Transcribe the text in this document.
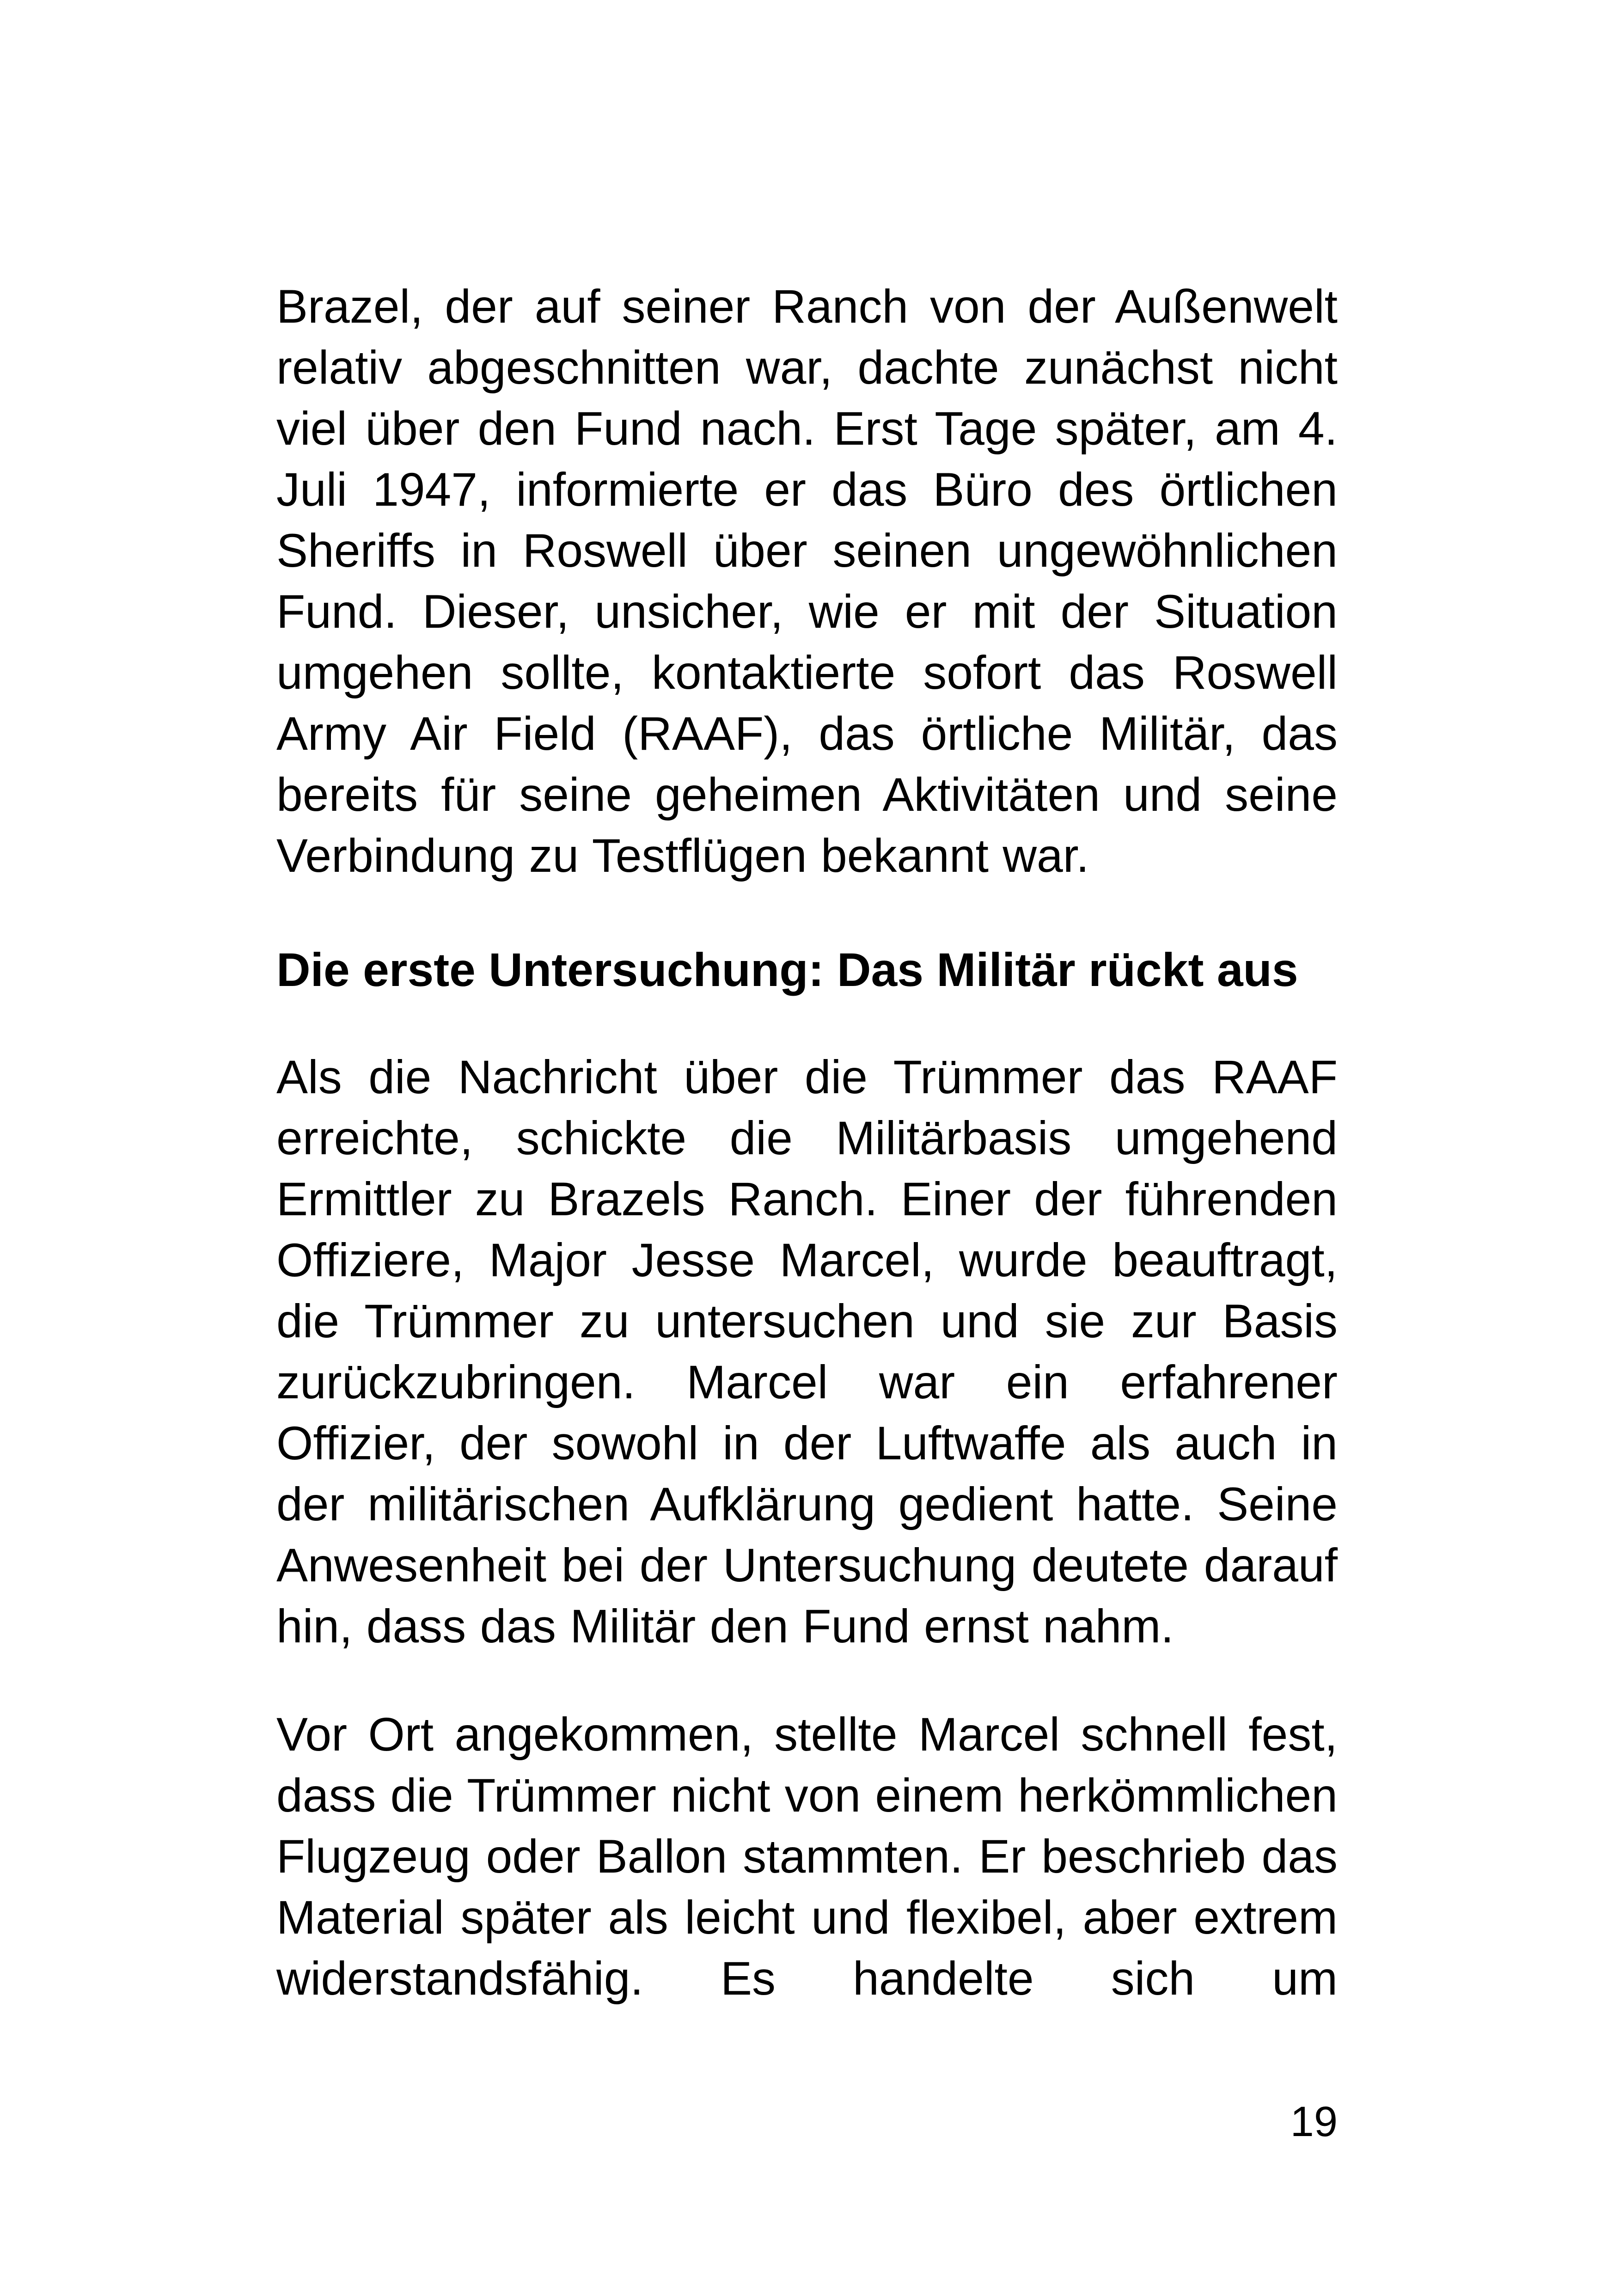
Brazel, der auf seiner Ranch von der Außenwelt relativ abgeschnitten war, dachte zunächst nicht viel über den Fund nach. Erst Tage später, am 4. Juli 1947, informierte er das Büro des örtlichen Sheriffs in Roswell über seinen ungewöhnlichen Fund. Dieser, unsicher, wie er mit der Situation umgehen sollte, kontaktierte sofort das Roswell Army Air Field (RAAF), das örtliche Militär, das bereits für seine geheimen Aktivitäten und seine Verbindung zu Testflügen bekannt war.

Die erste Untersuchung: Das Militär rückt aus

Als die Nachricht über die Trümmer das RAAF erreichte, schickte die Militärbasis umgehend Ermittler zu Brazels Ranch. Einer der führenden Offiziere, Major Jesse Marcel, wurde beauftragt, die Trümmer zu untersuchen und sie zur Basis zurückzubringen. Marcel war ein erfahrener Offizier, der sowohl in der Luftwaffe als auch in der militärischen Aufklärung gedient hatte. Seine Anwesenheit bei der Untersuchung deutete darauf hin, dass das Militär den Fund ernst nahm.

Vor Ort angekommen, stellte Marcel schnell fest, dass die Trümmer nicht von einem herkömmlichen Flugzeug oder Ballon stammten. Er beschrieb das Material später als leicht und flexibel, aber extrem widerstandsfähig. Es handelte sich um

19
